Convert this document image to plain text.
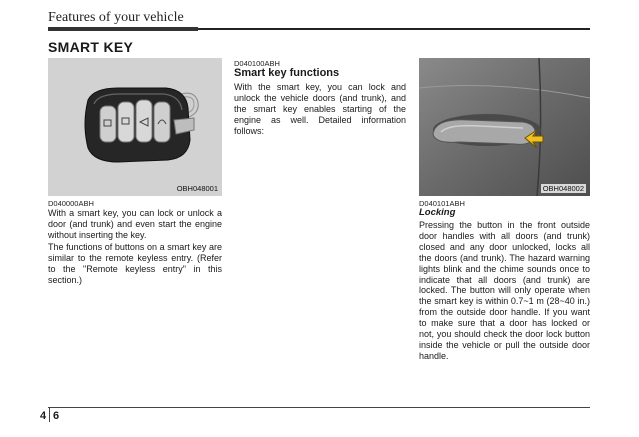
Features of your vehicle
SMART KEY
OBH048001	OBH048002
D040000ABH

With a smart key, you can lock or unlock a door (and trunk) and even start the engine without inserting the key.

The functions of buttons on a smart key are similar to the remote keyless entry. (Refer to the "Remote keyless entry" in this section.)

D040100ABH
Smart key functions

With the smart key, you can lock and unlock the vehicle doors (and trunk), and the smart key enables starting of the engine as well. Detailed information follows:

D040101ABH
Locking

Pressing the button in the front outside door handles with all doors (and trunk) closed and any door unlocked, locks all the doors (and trunk). The hazard warning lights blink and the chime sounds once to indicate that all doors (and trunk) are locked. The button will only operate when the smart key is within 0.7~1 m (28~40 in.) from the outside door handle. If you want to make sure that a door has locked or not, you should check the door lock button inside the vehicle or pull the outside door handle.

4 6
